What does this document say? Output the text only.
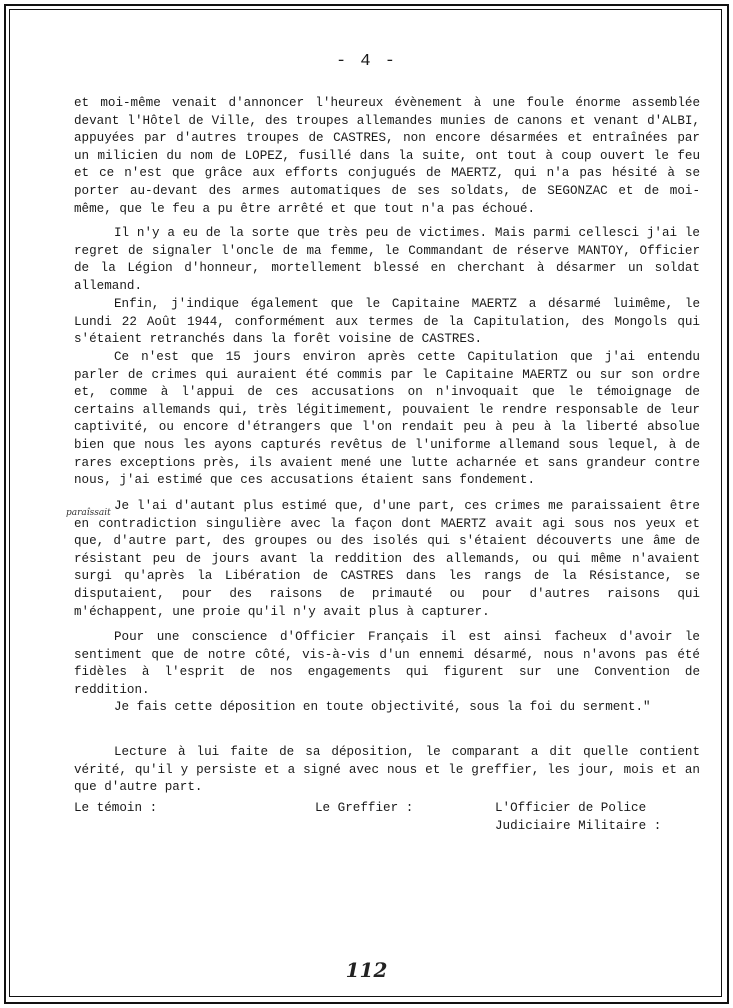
- 4 -
et moi-même venait d'annoncer l'heureux évènement à une foule énorme assemblée devant l'Hôtel de Ville, des troupes allemandes munies de canons et venant d'ALBI, appuyées par d'autres troupes de CASTRES, non encore désarmées et entraînées par un milicien du nom de LOPEZ, fusillé dans la suite, ont tout à coup ouvert le feu et ce n'est que grâce aux efforts conjugués de MAERTZ, qui n'a pas hésité à se porter au-devant des armes automatiques de ses soldats, de SEGONZAC et de moi-même, que le feu a pu être arrêté et que tout n'a pas échoué.
Il n'y a eu de la sorte que très peu de victimes. Mais parmi cellesci j'ai le regret de signaler l'oncle de ma femme, le Commandant de réserve MANTOY, Officier de la Légion d'honneur, mortellement blessé en cherchant à désarmer un soldat allemand.
Enfin, j'indique également que le Capitaine MAERTZ a désarmé luimême, le Lundi 22 Août 1944, conformément aux termes de la Capitulation, des Mongols qui s'étaient retranchés dans la forêt voisine de CASTRES.
Ce n'est que 15 jours environ après cette Capitulation que j'ai entendu parler de crimes qui auraient été commis par le Capitaine MAERTZ ou sur son ordre et, comme à l'appui de ces accusations on n'invoquait que le témoignage de certains allemands qui, très légitimement, pouvaient le rendre responsable de leur captivité, ou encore d'étrangers que l'on rendait peu à peu à la liberté absolue bien que nous les ayons capturés revêtus de l'uniforme allemand sous lequel, à de rares exceptions près, ils avaient mené une lutte acharnée et sans grandeur contre nous, j'ai estimé que ces accusations étaient sans fondement.
paraîssait Je l'ai d'autant plus estimé que, d'une part, ces crimes me paraissaient être en contradiction singulière avec la façon dont MAERTZ avait agi sous nos yeux et que, d'autre part, des groupes ou des isolés qui s'étaient découverts une âme de résistant peu de jours avant la reddition des allemands, ou qui même n'avaient surgi qu'après la Libération de CASTRES dans les rangs de la Résistance, se disputaient, pour des raisons de primauté ou pour d'autres raisons qui m'échappent, une proie qu'il n'y avait plus à capturer.
Pour une conscience d'Officier Français il est ainsi facheux d'avoir le sentiment que de notre côté, vis-à-vis d'un ennemi désarmé, nous n'avons pas été fidèles à l'esprit de nos engagements qui figurent sur une Convention de reddition.
Je fais cette déposition en toute objectivité, sous la foi du serment."
Lecture à lui faite de sa déposition, le comparant a dit quelle contient vérité, qu'il y persiste et a signé avec nous et le greffier, les jour, mois et an que d'autre part.
Le témoin :	Le Greffier :	L'Officier de Police
Judiciaire Militaire :
112
